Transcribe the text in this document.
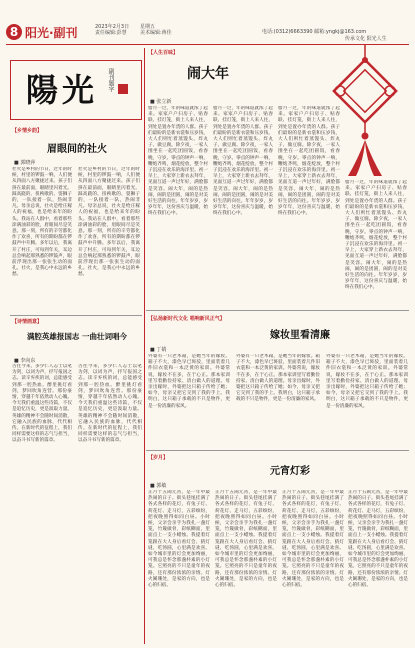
8 阳光·副刊	2023年2月3日
责任编辑:彭慧
星期五
美术编辑:蒋佳	电话:(0312)6663390 邮箱:yngkj@163.com
传承文化 阳光人生
陽光 副刊题字
【乡情乡韵】
眉眼间的社火
■ 郭晓萍
社火是乡村的节日，过年的时候，村里的锣鼓一响，人们便从四面八方聚拢过来。孩子们挤在最前面，眼睛里闪着光。踩高跷的、扭秧歌的、耍狮子的，一队接着一队，热闹非凡。母亲总说，社火是给庄稼人的祝福，也是给来年的盼头。我站在人群中，看着那些涂满油彩的脸，眉眼间尽是笑意。那一刻，所有的辛劳都化作了欢喜，所有的期盼都在锣鼓声中升腾。多年以后，我离开了村庄，可每到年关，耳边总会响起那熟悉的锣鼓声，眼前浮现出那一张张生动的面孔。社火，是我心中永远的乡愁。
社火是乡村的节日，过年的时候，村里的锣鼓一响，人们便从四面八方聚拢过来。孩子们挤在最前面，眼睛里闪着光。踩高跷的、扭秧歌的、耍狮子的，一队接着一队，热闹非凡。母亲总说，社火是给庄稼人的祝福，也是给来年的盼头。我站在人群中，看着那些涂满油彩的脸，眉眼间尽是笑意。那一刻，所有的辛劳都化作了欢喜，所有的期盼都在锣鼓声中升腾。多年以后，我离开了村庄，可每到年关，耳边总会响起那熟悉的锣鼓声，眼前浮现出那一张张生动的面孔。社火，是我心中永远的乡愁。
【诗情画意】
满腔英雄报国志 一曲壮词唱今
■ 李向东
古往今来，多少仁人志士以笔为剑，以词为声，抒写报国之志。读辛弃疾的词，总能感受到那一腔热血。醉里挑灯看剑，梦回吹角连营。那份豪情，穿越千年依然动人心魄。今天我们重温这些诗篇，不仅是追忆历史，更是汲取力量。英雄的精神不会随时间消散，它融入民族的血脉，代代相传。在新时代的征程上，我们同样需要这样的志气与担当，以奋斗书写新的篇章。
古往今来，多少仁人志士以笔为剑，以词为声，抒写报国之志。读辛弃疾的词，总能感受到那一腔热血。醉里挑灯看剑，梦回吹角连营。那份豪情，穿越千年依然动人心魄。今天我们重温这些诗篇，不仅是追忆历史，更是汲取力量。英雄的精神不会随时间消散，它融入民族的血脉，代代相传。在新时代的征程上，我们同样需要这样的志气与担当，以奋斗书写新的篇章。
【人生百味】
闹大年
■ 张立新
腊月一过，年的味道就浓了起来。家家户户扫房子、贴春联、挂灯笼，街上人来人往，到处是置办年货的人群。孩子们最盼的是新衣裳和压岁钱，大人们则忙着蒸馒头、炸丸子、做豆腐。除夕夜，一家人围坐在一起吃团圆饭，看春晚，守岁。零点的钟声一响，鞭炮齐鸣，烟花绽放，整个村子沉浸在欢乐的海洋里。初一早上，大家穿上新衣去拜年，见面互道一声过年好，满脸都是笑容。闹大年，闹的是热闹，闹的是团圆，闹的是对美好生活的向往。年年岁岁，岁岁年年，这份喜庆与温暖，始终在我们心中。
腊月一过，年的味道就浓了起来。家家户户扫房子、贴春联、挂灯笼，街上人来人往，到处是置办年货的人群。孩子们最盼的是新衣裳和压岁钱，大人们则忙着蒸馒头、炸丸子、做豆腐。除夕夜，一家人围坐在一起吃团圆饭，看春晚，守岁。零点的钟声一响，鞭炮齐鸣，烟花绽放，整个村子沉浸在欢乐的海洋里。初一早上，大家穿上新衣去拜年，见面互道一声过年好，满脸都是笑容。闹大年，闹的是热闹，闹的是团圆，闹的是对美好生活的向往。年年岁岁，岁岁年年，这份喜庆与温暖，始终在我们心中。
腊月一过，年的味道就浓了起来。家家户户扫房子、贴春联、挂灯笼，街上人来人往，到处是置办年货的人群。孩子们最盼的是新衣裳和压岁钱，大人们则忙着蒸馒头、炸丸子、做豆腐。除夕夜，一家人围坐在一起吃团圆饭，看春晚，守岁。零点的钟声一响，鞭炮齐鸣，烟花绽放，整个村子沉浸在欢乐的海洋里。初一早上，大家穿上新衣去拜年，见面互道一声过年好，满脸都是笑容。闹大年，闹的是热闹，闹的是团圆，闹的是对美好生活的向往。年年岁岁，岁岁年年，这份喜庆与温暖，始终在我们心中。
腊月一过，年的味道就浓了起来。家家户户扫房子、贴春联、挂灯笼，街上人来人往，到处是置办年货的人群。孩子们最盼的是新衣裳和压岁钱，大人们则忙着蒸馒头、炸丸子、做豆腐。除夕夜，一家人围坐在一起吃团圆饭，看春晚，守岁。零点的钟声一响，鞭炮齐鸣，烟花绽放，整个村子沉浸在欢乐的海洋里。初一早上，大家穿上新衣去拜年，见面互道一声过年好，满脸都是笑容。闹大年，闹的是热闹，闹的是团圆，闹的是对美好生活的向往。年年岁岁，岁岁年年，这份喜庆与温暖，始终在我们心中。
【弘扬新时代文化 唱响新风正气】
嫁妆里看清廉
■ 丁婧
外婆有一只老木箱，是她当年的嫁妆。箱子不大，漆色早已斑驳，里面装着几件旧衣裳和一本泛黄的家训。外婆常说，嫁妆不在多，在于心正。那本家训里写着勤俭持家、清白做人的道理。母亲出嫁时，外婆把这只箱子传给了她；如今，母亲又把它交到了我的手上。我明白，这只箱子承载的不只是物件，更是一份清廉的家风。
外婆有一只老木箱，是她当年的嫁妆。箱子不大，漆色早已斑驳，里面装着几件旧衣裳和一本泛黄的家训。外婆常说，嫁妆不在多，在于心正。那本家训里写着勤俭持家、清白做人的道理。母亲出嫁时，外婆把这只箱子传给了她；如今，母亲又把它交到了我的手上。我明白，这只箱子承载的不只是物件，更是一份清廉的家风。
外婆有一只老木箱，是她当年的嫁妆。箱子不大，漆色早已斑驳，里面装着几件旧衣裳和一本泛黄的家训。外婆常说，嫁妆不在多，在于心正。那本家训里写着勤俭持家、清白做人的道理。母亲出嫁时，外婆把这只箱子传给了她；如今，母亲又把它交到了我的手上。我明白，这只箱子承载的不只是物件，更是一份清廉的家风。
【岁月】
元宵灯彩
■ 郭敏
正月十五闹元宵，是一年中最热闹的日子。街头巷尾挂满了各式各样的花灯，有兔子灯、荷花灯、走马灯，五彩缤纷，把夜晚照得如同白昼。小时候，父亲会亲手为我扎一盏灯笼，竹篾做骨，彩纸糊面，里面点上一支小蜡烛。我提着灯笼跟在大人身后看灯会、猜灯谜、吃汤圆，心里满是欢喜。如今城市里的灯会更加绚丽，可我总是怀念那盏朴素的小灯笼。它照亮的不只是童年的夜路，还有那份浓浓的亲情。灯火阑珊处，是家的方向，也是心的归宿。
正月十五闹元宵，是一年中最热闹的日子。街头巷尾挂满了各式各样的花灯，有兔子灯、荷花灯、走马灯，五彩缤纷，把夜晚照得如同白昼。小时候，父亲会亲手为我扎一盏灯笼，竹篾做骨，彩纸糊面，里面点上一支小蜡烛。我提着灯笼跟在大人身后看灯会、猜灯谜、吃汤圆，心里满是欢喜。如今城市里的灯会更加绚丽，可我总是怀念那盏朴素的小灯笼。它照亮的不只是童年的夜路，还有那份浓浓的亲情。灯火阑珊处，是家的方向，也是心的归宿。
正月十五闹元宵，是一年中最热闹的日子。街头巷尾挂满了各式各样的花灯，有兔子灯、荷花灯、走马灯，五彩缤纷，把夜晚照得如同白昼。小时候，父亲会亲手为我扎一盏灯笼，竹篾做骨，彩纸糊面，里面点上一支小蜡烛。我提着灯笼跟在大人身后看灯会、猜灯谜、吃汤圆，心里满是欢喜。如今城市里的灯会更加绚丽，可我总是怀念那盏朴素的小灯笼。它照亮的不只是童年的夜路，还有那份浓浓的亲情。灯火阑珊处，是家的方向，也是心的归宿。
正月十五闹元宵，是一年中最热闹的日子。街头巷尾挂满了各式各样的花灯，有兔子灯、荷花灯、走马灯，五彩缤纷，把夜晚照得如同白昼。小时候，父亲会亲手为我扎一盏灯笼，竹篾做骨，彩纸糊面，里面点上一支小蜡烛。我提着灯笼跟在大人身后看灯会、猜灯谜、吃汤圆，心里满是欢喜。如今城市里的灯会更加绚丽，可我总是怀念那盏朴素的小灯笼。它照亮的不只是童年的夜路，还有那份浓浓的亲情。灯火阑珊处，是家的方向，也是心的归宿。
